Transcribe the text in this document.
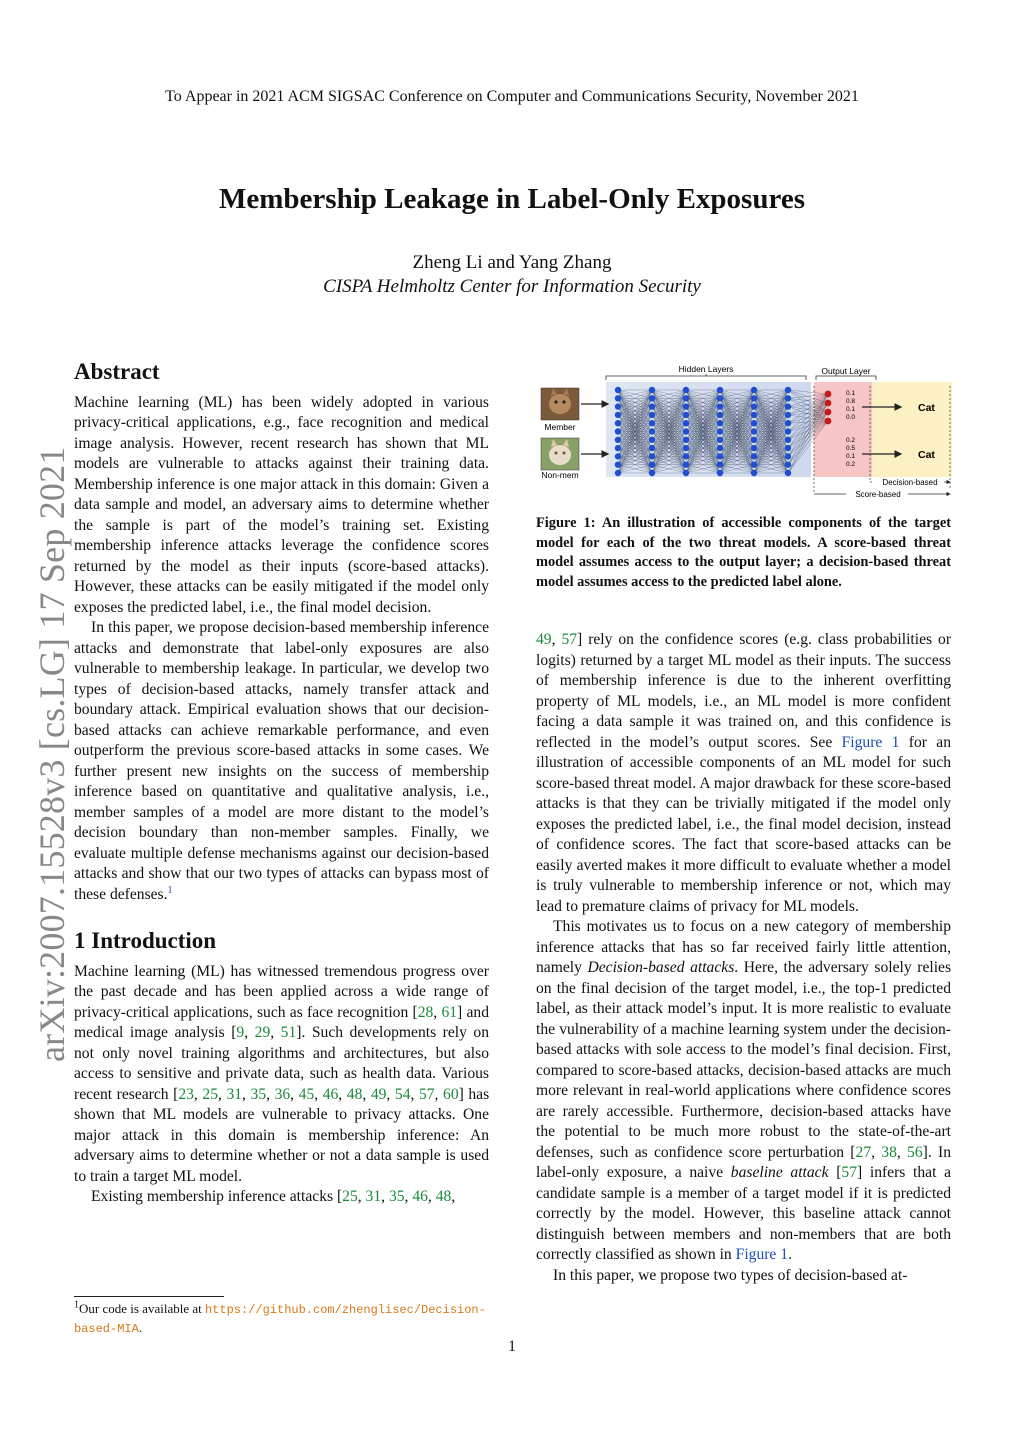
To Appear in 2021 ACM SIGSAC Conference on Computer and Communications Security, November 2021
Membership Leakage in Label-Only Exposures
Zheng Li and Yang Zhang
CISPA Helmholtz Center for Information Security
arXiv:2007.15528v3 [cs.LG] 17 Sep 2021
Abstract

Machine learning (ML) has been widely adopted in various privacy-critical applications, e.g., face recognition and medical image analysis. However, recent research has shown that ML models are vulnerable to attacks against their training data. Membership inference is one major attack in this domain: Given a data sample and model, an adversary aims to determine whether the sample is part of the model’s training set. Existing membership inference attacks leverage the confidence scores returned by the model as their inputs (score-based attacks). However, these attacks can be easily mitigated if the model only exposes the predicted label, i.e., the final model decision.

In this paper, we propose decision-based membership inference attacks and demonstrate that label-only exposures are also vulnerable to membership leakage. In particular, we develop two types of decision-based attacks, namely transfer attack and boundary attack. Empirical evaluation shows that our decision-based attacks can achieve remarkable performance, and even outperform the previous score-based attacks in some cases. We further present new insights on the success of membership inference based on quantitative and qualitative analysis, i.e., member samples of a model are more distant to the model’s decision boundary than non-member samples. Finally, we evaluate multiple defense mechanisms against our decision-based attacks and show that our two types of attacks can bypass most of these defenses.$^1$

1 Introduction

Machine learning (ML) has witnessed tremendous progress over the past decade and has been applied across a wide range of privacy-critical applications, such as face recognition [28, 61] and medical image analysis [9, 29, 51]. Such developments rely on not only novel training algorithms and architectures, but also access to sensitive and private data, such as health data. Various recent research [23, 25, 31, 35, 36, 45, 46, 48, 49, 54, 57, 60] has shown that ML models are vulnerable to privacy attacks. One major attack in this domain is membership inference: An adversary aims to determine whether or not a data sample is used to train a target ML model.

Existing membership inference attacks [25, 31, 35, 46, 48,

$^1$Our code is available at https://github.com/zhenglisec/Decision-
based-MIA.
Hidden Layers	Output Layer
Member
Non-mem
0.1
0.8
0.1
0.0
0.2
0.5
0.1
0.2
Cat
Cat
Decision-based
Score-based
Figure 1: An illustration of accessible components of the target model for each of the two threat models. A score-based threat model assumes access to the output layer; a decision-based threat model assumes access to the predicted label alone.

49, 57] rely on the confidence scores (e.g. class probabilities or logits) returned by a target ML model as their inputs. The success of membership inference is due to the inherent overfitting property of ML models, i.e., an ML model is more confident facing a data sample it was trained on, and this confidence is reflected in the model’s output scores. See Figure 1 for an illustration of accessible components of an ML model for such score-based threat model. A major drawback for these score-based attacks is that they can be trivially mitigated if the model only exposes the predicted label, i.e., the final model decision, instead of confidence scores. The fact that score-based attacks can be easily averted makes it more difficult to evaluate whether a model is truly vulnerable to membership inference or not, which may lead to premature claims of privacy for ML models.

This motivates us to focus on a new category of membership inference attacks that has so far received fairly little attention, namely Decision-based attacks. Here, the adversary solely relies on the final decision of the target model, i.e., the top-1 predicted label, as their attack model’s input. It is more realistic to evaluate the vulnerability of a machine learning system under the decision-based attacks with sole access to the model’s final decision. First, compared to score-based attacks, decision-based attacks are much more relevant in real-world applications where confidence scores are rarely accessible. Furthermore, decision-based attacks have the potential to be much more robust to the state-of-the-art defenses, such as confidence score perturbation [27, 38, 56]. In label-only exposure, a naive baseline attack [57] infers that a candidate sample is a member of a target model if it is predicted correctly by the model. However, this baseline attack cannot distinguish between members and non-members that are both correctly classified as shown in Figure 1.

In this paper, we propose two types of decision-based at-

1
